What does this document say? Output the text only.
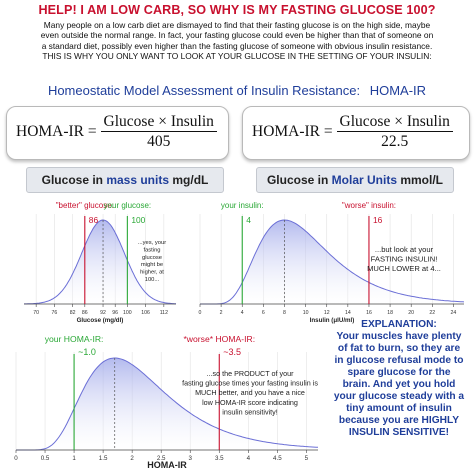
HELP! I AM LOW CARB, SO WHY IS MY FASTING GLUCOSE 100?
Many people on a low carb diet are dismayed to find that their fasting glucose is on the high side, maybe
even outside the normal range. In fact, your fasting glucose could even be higher than that of someone on
a standard diet, possibly even higher than the fasting glucose of someone with obvious insulin resistance.
THIS IS WHY YOU ONLY WANT TO LOOK AT YOUR GLUCOSE IN THE SETTING OF YOUR INSULIN:
Homeostatic Model Assessment of Insulin Resistance: HOMA-IR
HOMA-IR = $\frac{\text{Glucose × Insulin}}{405}$ HOMA-IR = $\frac{\text{Glucose × Insulin}}{22.5}$
Glucose in mass units mg/dL	Glucose in Molar Units mmol/L
70 76 82 86 92 96 100 106 112
Glucose (mg/dl)
"better" glucose:
86
your glucose:
100
...yes, your
fasting
glucose
might be
higher, at
100...
0	2	4	6	8	10	12	14	16	18	20	22	24
Insulin (μIU/ml)
your insulin:
4
"worse" insulin:
16
...but look at your
FASTING INSULIN!
MUCH LOWER at 4...
0	0.5	1	1.5	2	2.5	3	3.5	4	4.5	5
HOMA-IR
your HOMA-IR:
~1.0
*worse* HOMA-IR:
~3.5
...so the PRODUCT of your
fasting glucose times your fasting insulin is
MUCH better, and you have a nice
low HOMA-IR score indicating
insulin sensitivity!
EXPLANATION:
Your muscles have plenty
of fat to burn, so they are
in glucose refusal mode to
spare glucose for the
brain. And yet you hold
your glucose steady with a
tiny amount of insulin
because you are HIGHLY
INSULIN SENSITIVE!
